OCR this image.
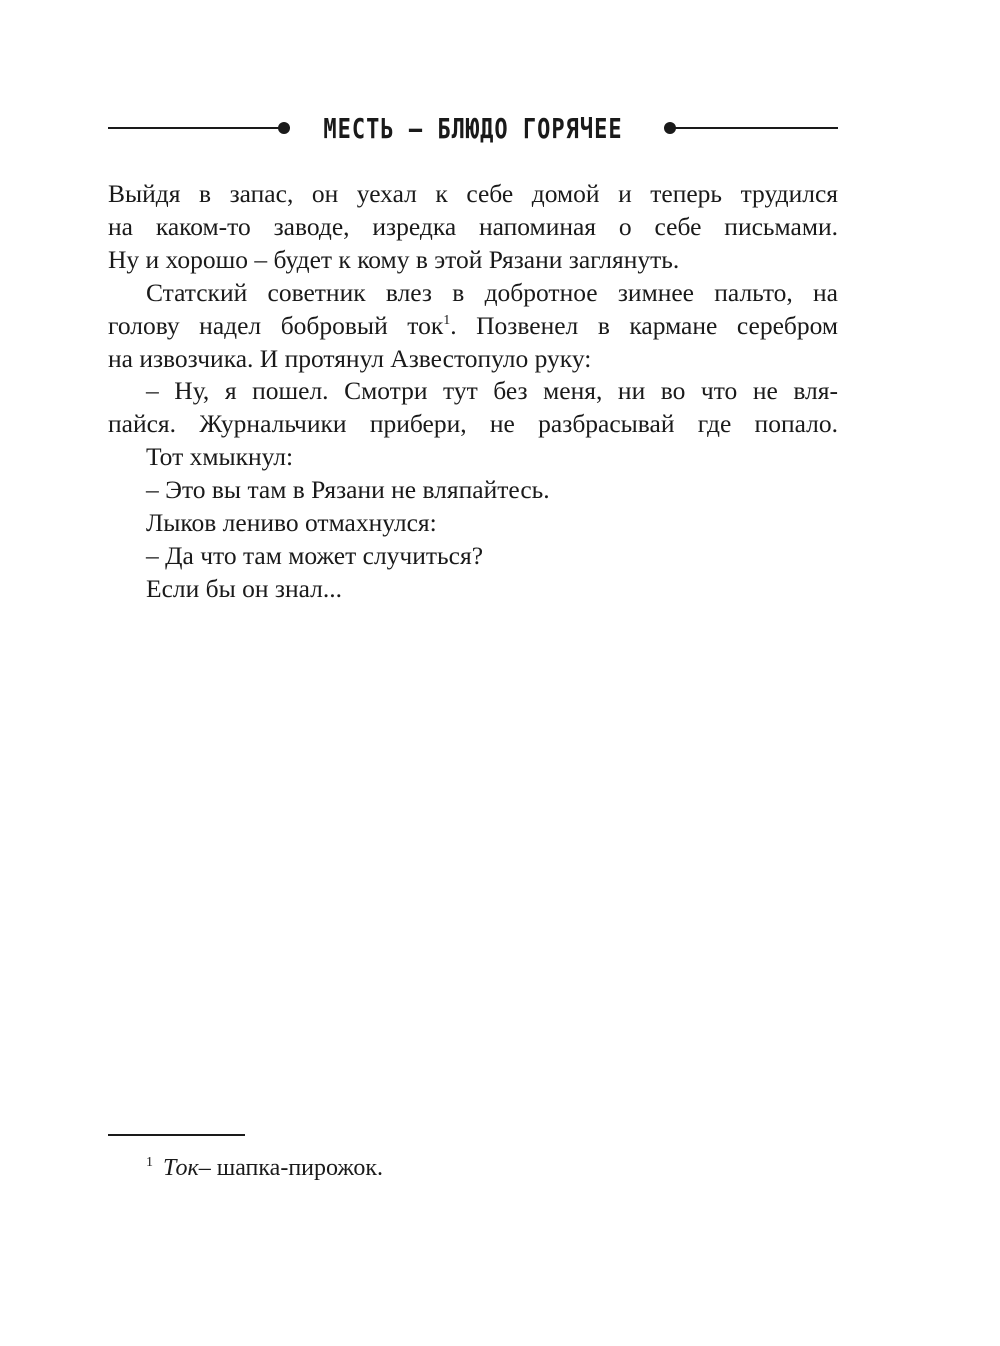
МЕСТЬ – БЛЮДО ГОРЯЧЕЕ

Выйдя в запас, он уехал к себе домой и теперь трудился

на каком-то заводе, изредка напоминая о себе письмами.

Ну и хорошо – будет к кому в этой Рязани заглянуть.

Статский советник влез в добротное зимнее пальто, на

голову надел бобровый ток$^1$. Позвенел в кармане серебром

на извозчика. И протянул Азвестопуло руку:

– Ну, я пошел. Смотри тут без меня, ни во что не вля-

пайся. Журнальчики прибери, не разбрасывай где попало.

Тот хмыкнул:

– Это вы там в Рязани не вляпайтесь.

Лыков лениво отмахнулся:

– Да что там может случиться?

Если бы он знал...

$^1$ Ток– шапка-пирожок.
